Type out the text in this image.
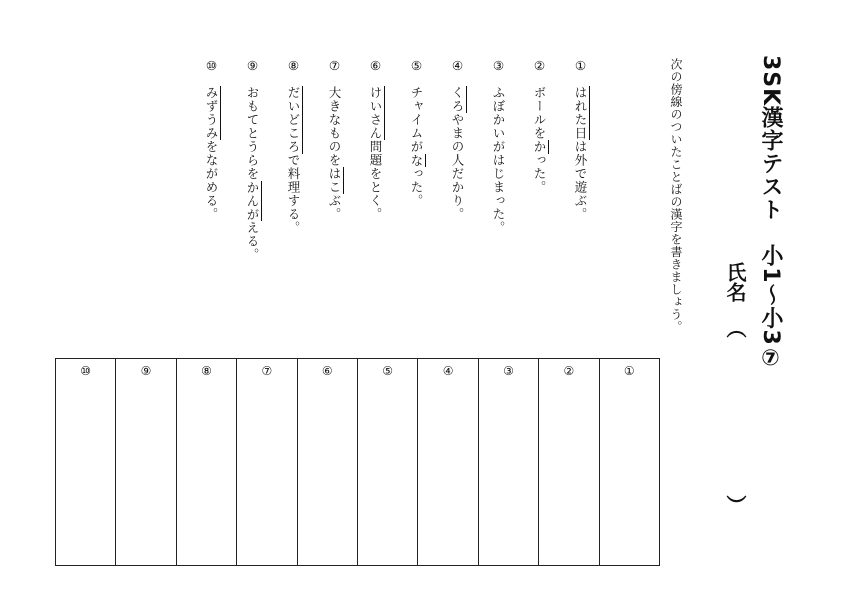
3SK漢字テスト　小1〜小3⑦
氏名
（
）
次の傍線のついたことばの漢字を書きましょう。
①はれた日は外で遊ぶ。
②ボールをかった。
③ふぼかいがはじまった。
④くろやまの人だかり。
⑤チャイムがなった。
⑥けいさん問題をとく。
⑦大きなものをはこぶ。
⑧だいどころで料理する。
⑨おもてとうらをかんがえる。
⑩みずうみをながめる。
①
②
③
④
⑤
⑥
⑦
⑧
⑨
⑩
